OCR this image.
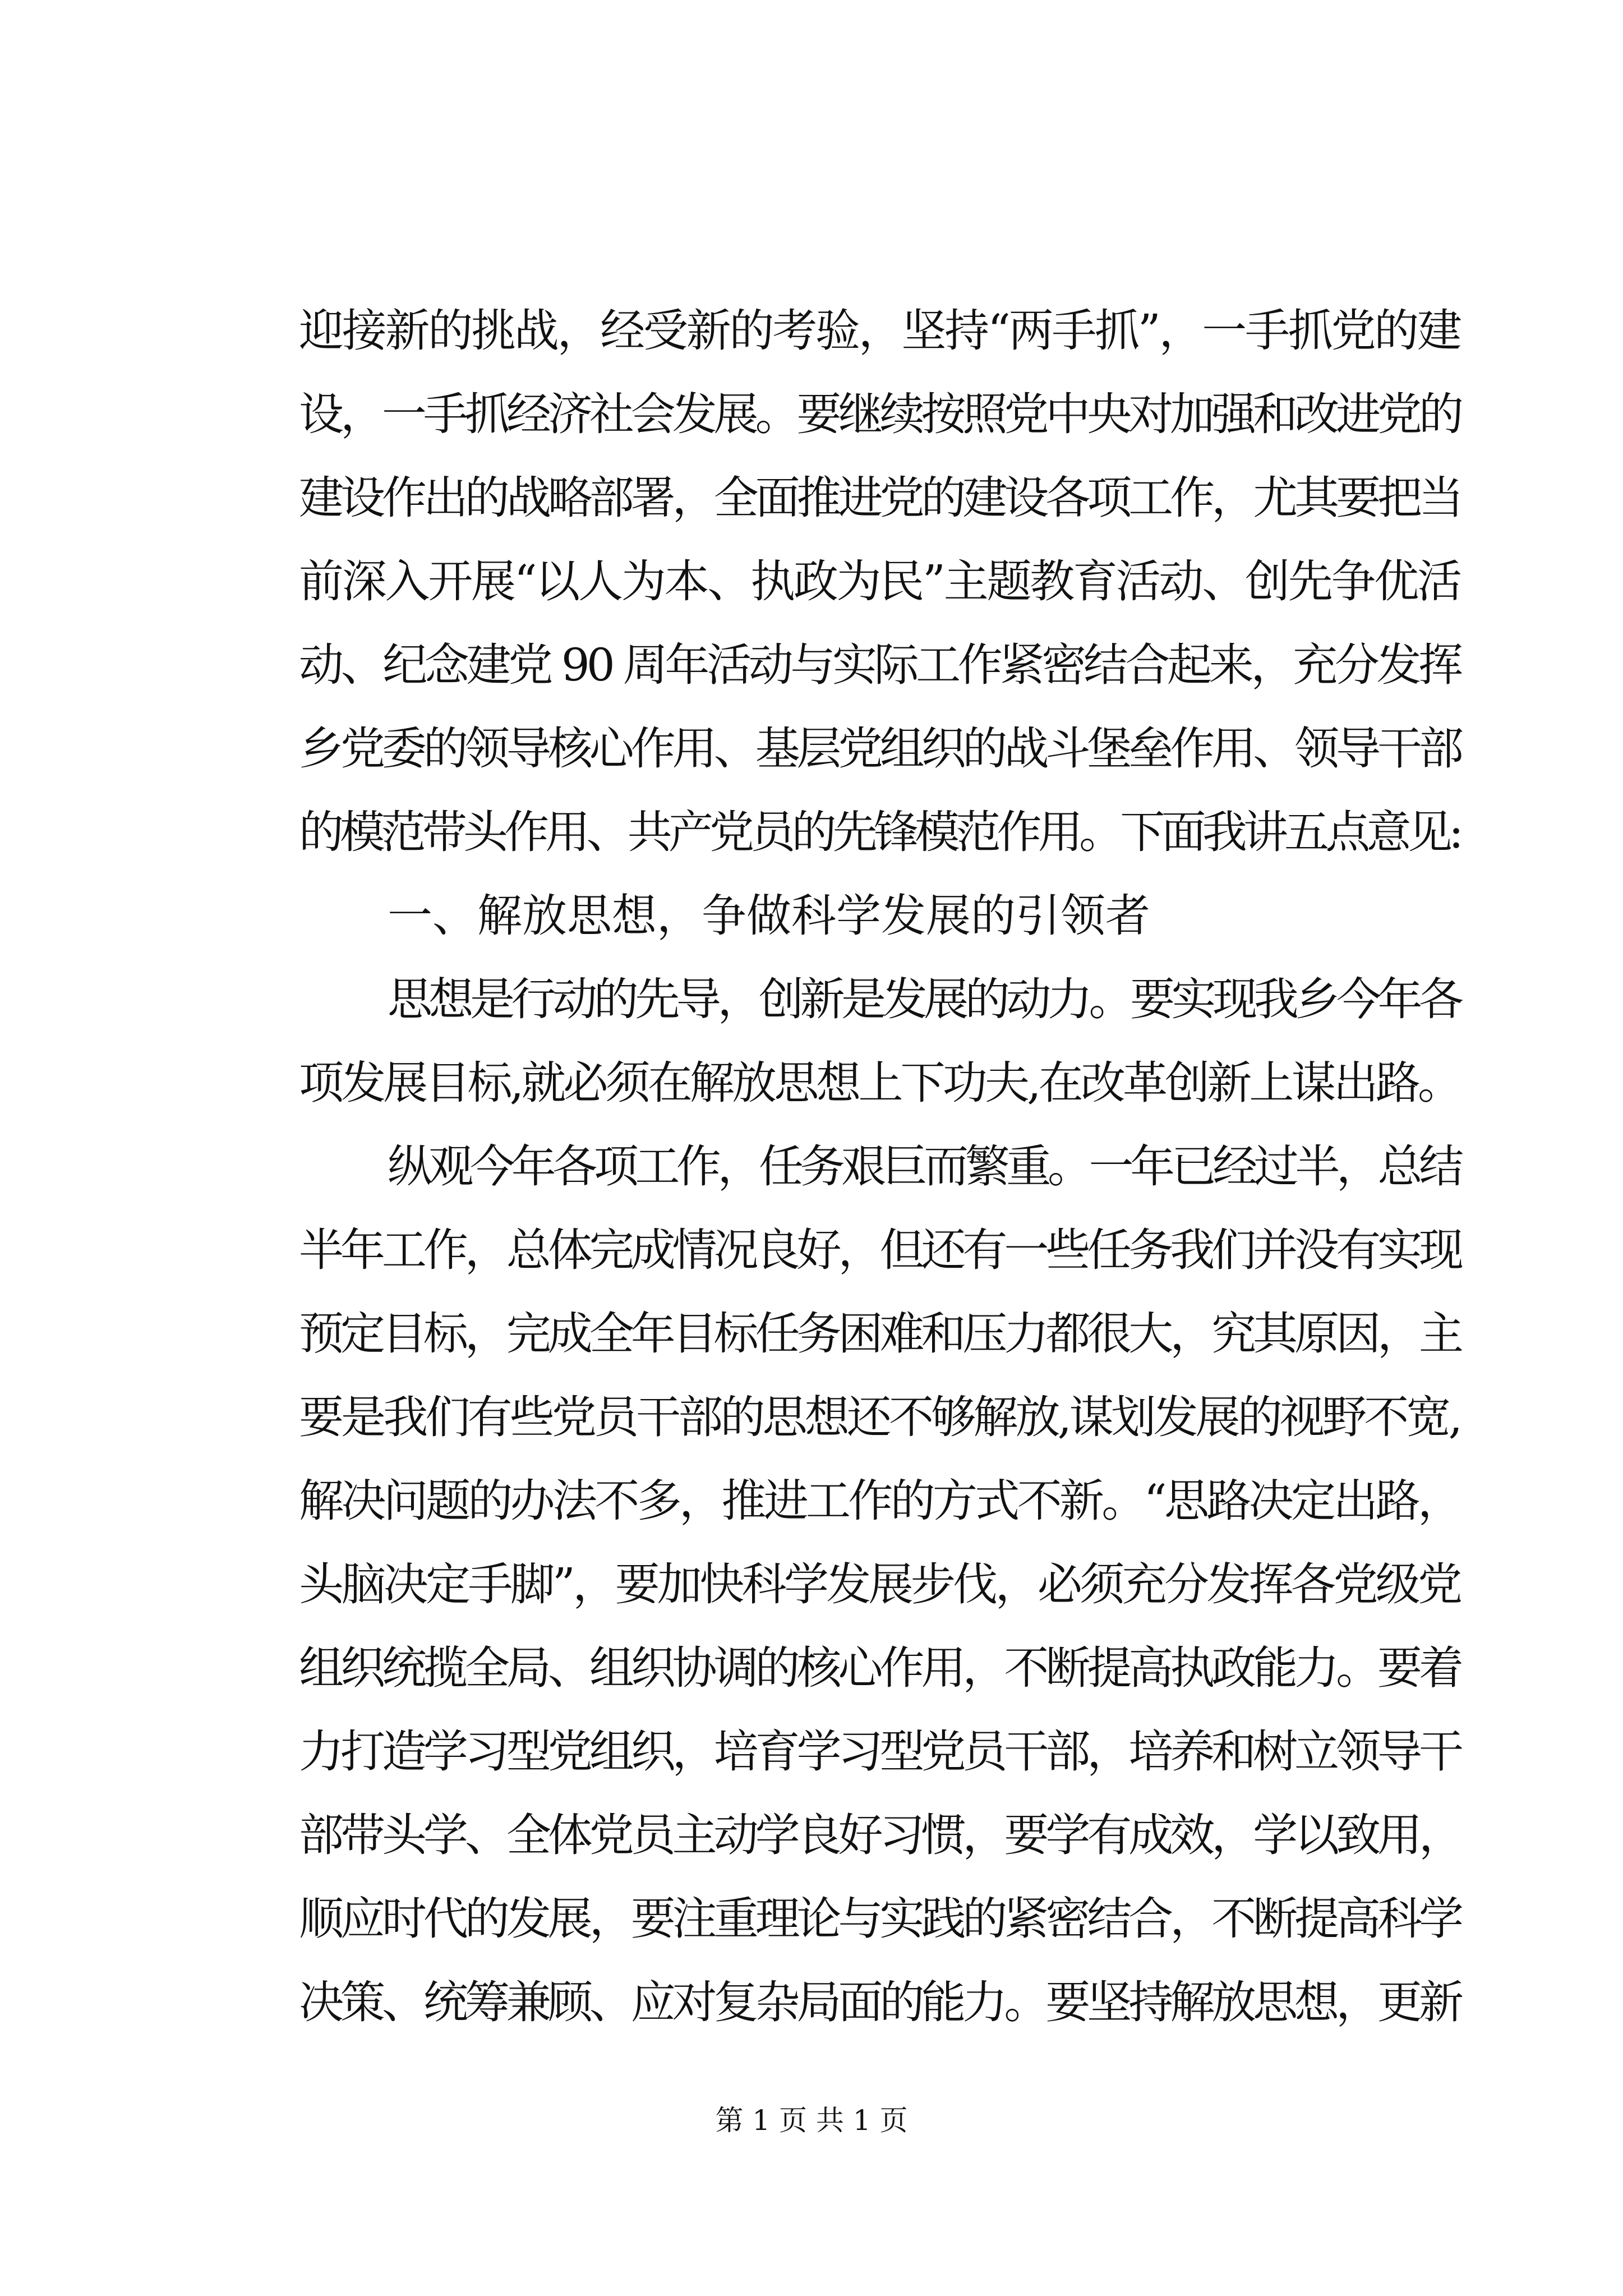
迎接新的挑战，经受新的考验，坚持“两手抓”，一手抓党的建
设，一手抓经济社会发展。要继续按照党中央对加强和改进党的
建设作出的战略部署，全面推进党的建设各项工作，尤其要把当
前深入开展“以人为本、执政为民”主题教育活动、创先争优活
动、纪念建党 90 周年活动与实际工作紧密结合起来，充分发挥
乡党委的领导核心作用、基层党组织的战斗堡垒作用、领导干部
的模范带头作用、共产党员的先锋模范作用。下面我讲五点意见:
一、解放思想，争做科学发展的引领者
思想是行动的先导，创新是发展的动力。要实现我乡今年各
项发展目标,就必须在解放思想上下功夫,在改革创新上谋出路。
纵观今年各项工作，任务艰巨而繁重。一年已经过半，总结
半年工作，总体完成情况良好，但还有一些任务我们并没有实现
预定目标，完成全年目标任务困难和压力都很大，究其原因，主
要是我们有些党员干部的思想还不够解放,谋划发展的视野不宽,
解决问题的办法不多，推进工作的方式不新。“思路决定出路，
头脑决定手脚”，要加快科学发展步伐，必须充分发挥各党级党
组织统揽全局、组织协调的核心作用，不断提高执政能力。要着
力打造学习型党组织，培育学习型党员干部，培养和树立领导干
部带头学、全体党员主动学良好习惯，要学有成效，学以致用，
顺应时代的发展，要注重理论与实践的紧密结合，不断提高科学
决策、统筹兼顾、应对复杂局面的能力。要坚持解放思想，更新
第 1 页 共 1 页
